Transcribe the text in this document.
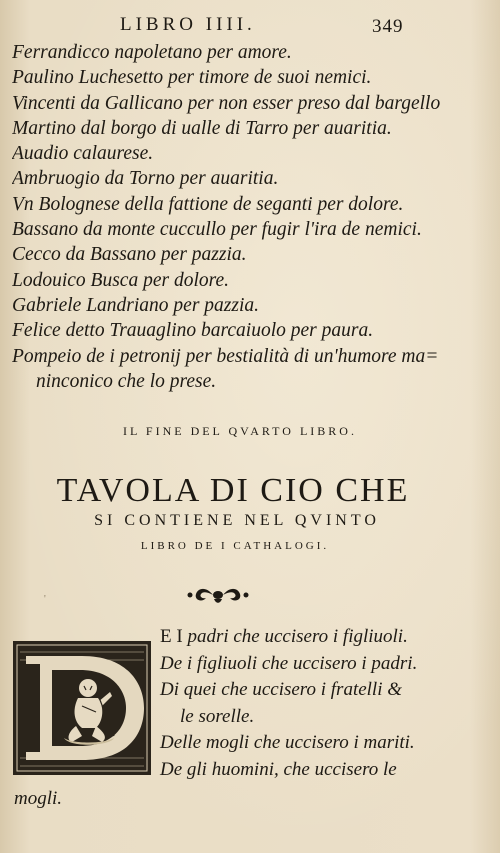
LIBRO IIII.	349
Ferrandicco napoletano per amore.
Paulino Luchesetto per timore de suoi nemici.
Vincenti da Gallicano per non esser preso dal bargello
Martino dal borgo di ualle di Tarro per auaritia.
Auadio calaurese.
Ambruogio da Torno per auaritia.
Vn Bolognese della fattione de seganti per dolore.
Bassano da monte cuccullo per fugir l'ira de nemici.
Cecco da Bassano per pazzia.
Lodouico Busca per dolore.
Gabriele Landriano per pazzia.
Felice detto Trauaglino barcaiuolo per paura.
Pompeio de i petronij per bestialità di un'humore ma=
ninconico che lo prese.
IL FINE DEL QVARTO LIBRO.
TAVOLA DI CIO CHE
SI CONTIENE NEL QVINTO
LIBRO DE I CATHALOGI.
'
E I padri che uccisero i figliuoli.
De i figliuoli che uccisero i padri.
Di quei che uccisero i fratelli &
le sorelle.
Delle mogli che uccisero i mariti.
De gli huomini, che uccisero le
mogli.
